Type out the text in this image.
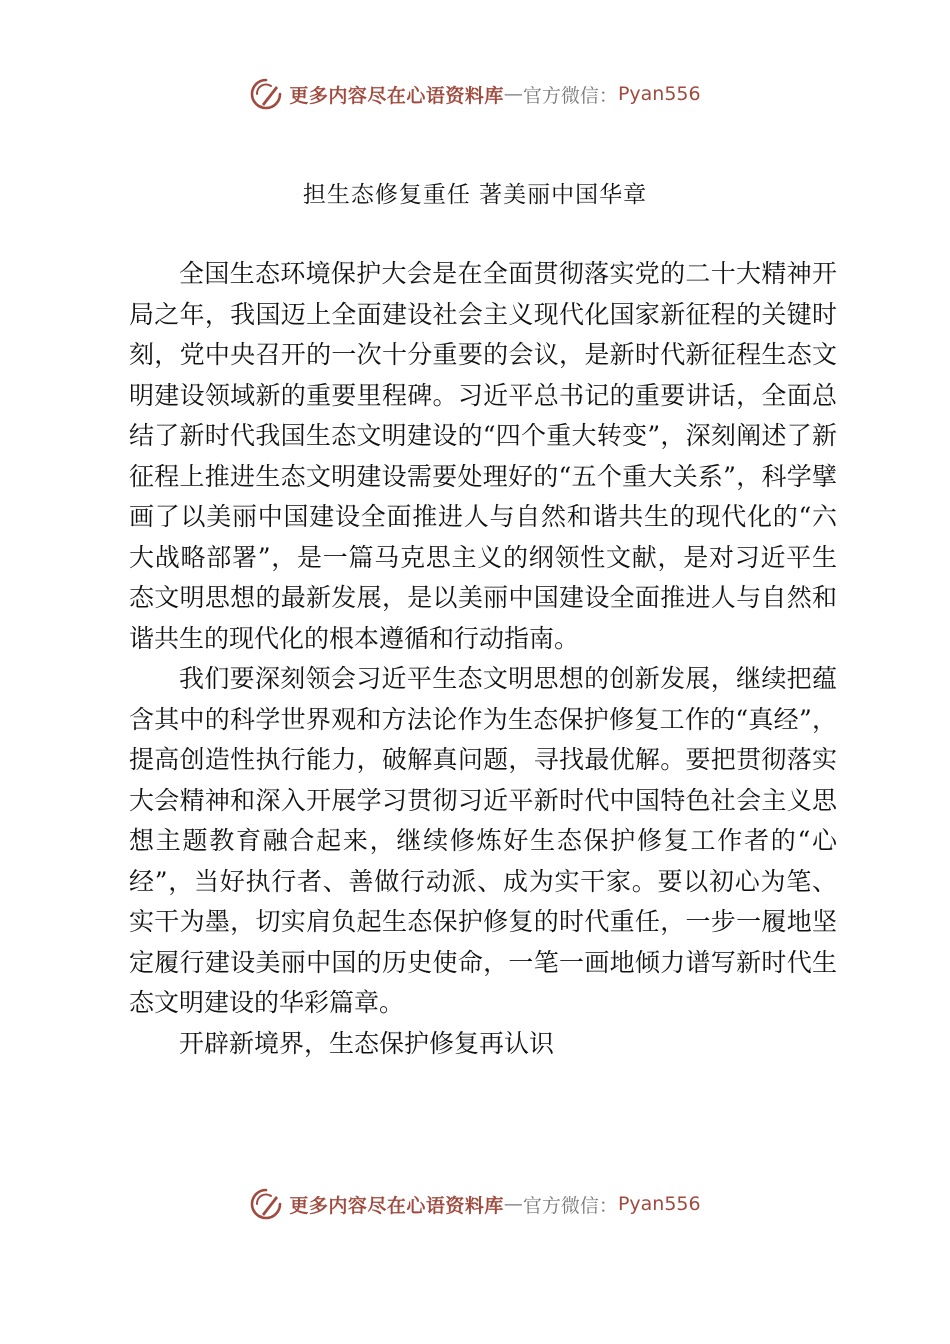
更多内容尽在心语资料库 — 官方微信： Pyan556
担生态修复重任 著美丽中国华章

全国生态环境保护大会是在全面贯彻落实党的二十大精神开局之年，我国迈上全面建设社会主义现代化国家新征程的关键时刻，党中央召开的一次十分重要的会议，是新时代新征程生态文明建设领域新的重要里程碑。习近平总书记的重要讲话，全面总结了新时代我国生态文明建设的“四个重大转变”，深刻阐述了新征程上推进生态文明建设需要处理好的“五个重大关系”，科学擘画了以美丽中国建设全面推进人与自然和谐共生的现代化的“六大战略部署”，是一篇马克思主义的纲领性文献，是对习近平生态文明思想的最新发展，是以美丽中国建设全面推进人与自然和谐共生的现代化的根本遵循和行动指南。

我们要深刻领会习近平生态文明思想的创新发展，继续把蕴含其中的科学世界观和方法论作为生态保护修复工作的“真经”，提高创造性执行能力，破解真问题，寻找最优解。要把贯彻落实大会精神和深入开展学习贯彻习近平新时代中国特色社会主义思想主题教育融合起来，继续修炼好生态保护修复工作者的“心经”，当好执行者、善做行动派、成为实干家。要以初心为笔、实干为墨，切实肩负起生态保护修复的时代重任，一步一履地坚定履行建设美丽中国的历史使命，一笔一画地倾力谱写新时代生态文明建设的华彩篇章。

开辟新境界，生态保护修复再认识

更多内容尽在心语资料库 — 官方微信： Pyan556
